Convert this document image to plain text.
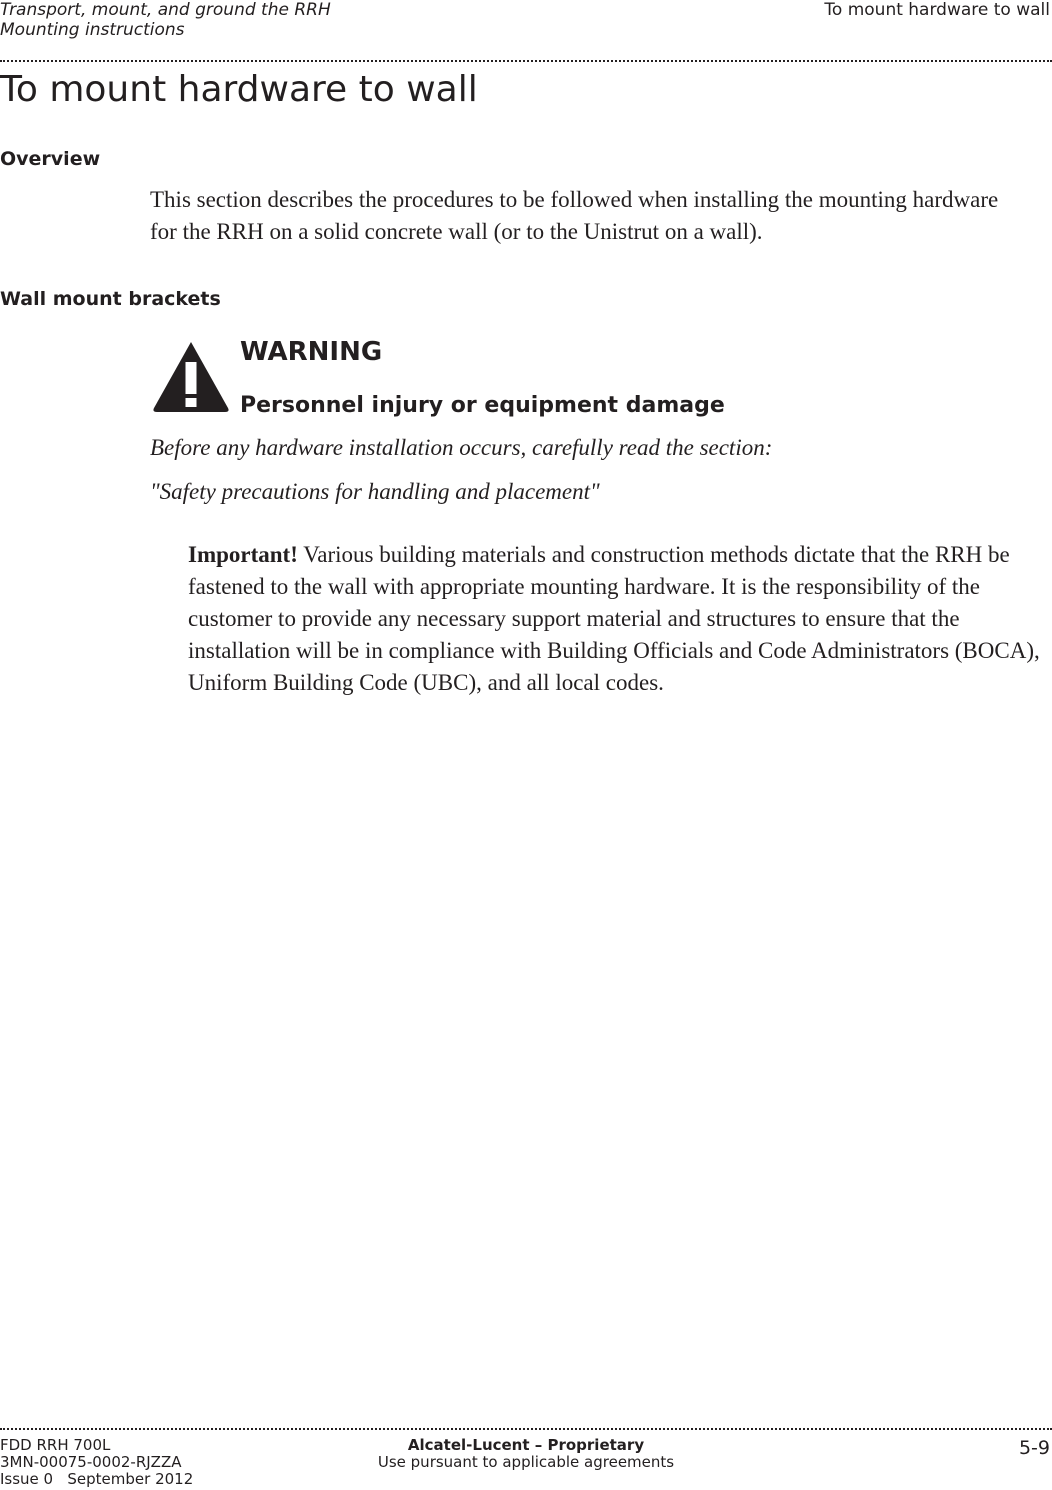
Transport, mount, and ground the RRH
Mounting instructions
To mount hardware to wall
To mount hardware to wall
Overview

This section describes the procedures to be followed when installing the mounting hardware for the RRH on a solid concrete wall (or to the Unistrut on a wall).

Wall mount brackets
WARNING
Personnel injury or equipment damage

Before any hardware installation occurs, carefully read the section:

"Safety precautions for handling and placement"

Important! Various building materials and construction methods dictate that the RRH be fastened to the wall with appropriate mounting hardware. It is the responsibility of the customer to provide any necessary support material and structures to ensure that the installation will be in compliance with Building Officials and Code Administrators (BOCA), Uniform Building Code (UBC), and all local codes.

FDD RRH 700L
3MN-00075-0002-RJZZA
Issue 0   September 2012
Alcatel-Lucent – Proprietary
Use pursuant to applicable agreements
5-9
